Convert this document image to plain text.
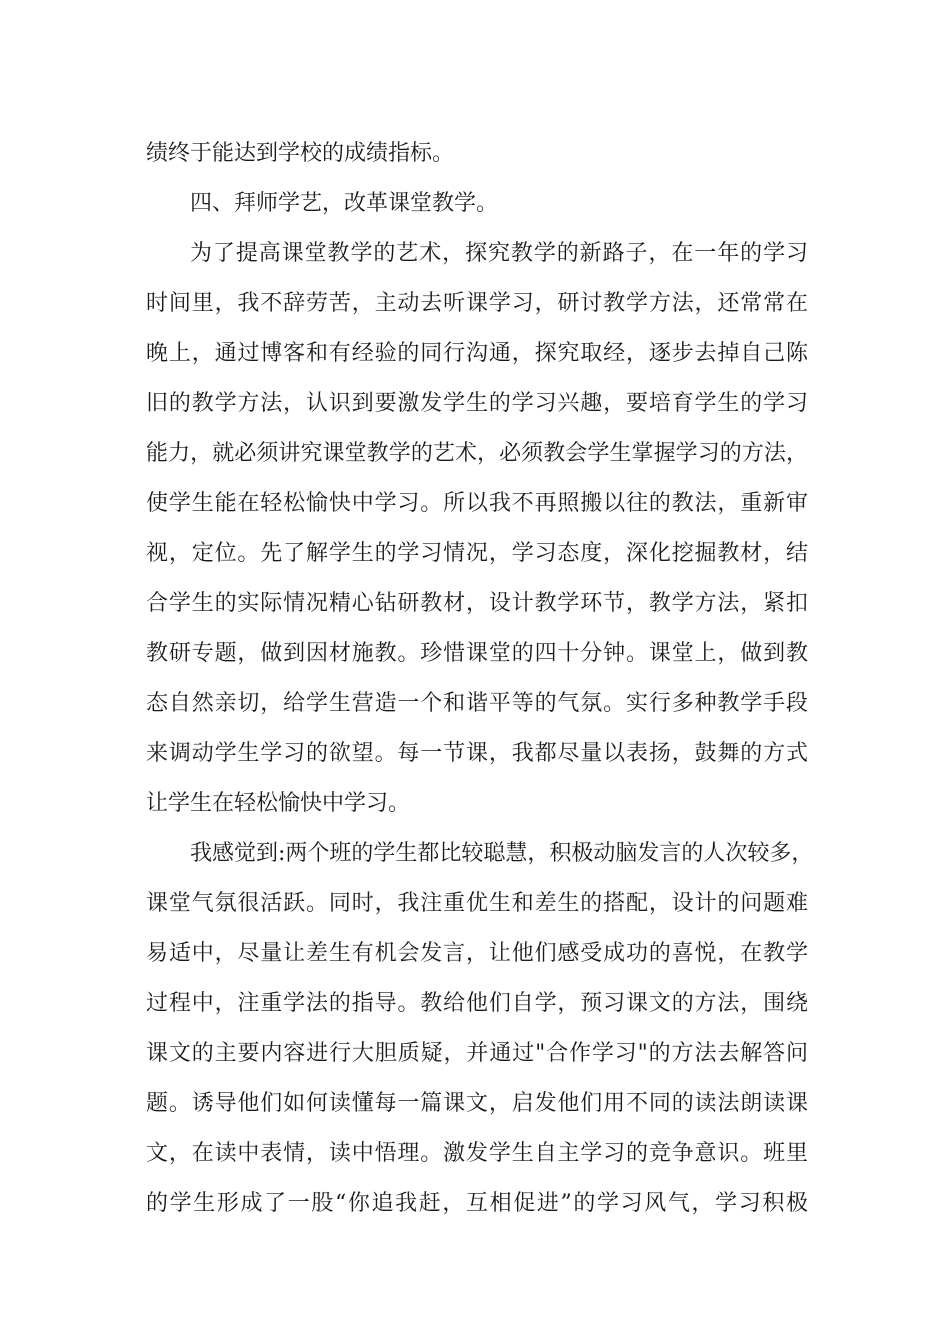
绩终于能达到学校的成绩指标。
四、拜师学艺，改革课堂教学。
为了提高课堂教学的艺术，探究教学的新路子，在一年的学习
时间里，我不辞劳苦，主动去听课学习，研讨教学方法，还常常在
晚上，通过博客和有经验的同行沟通，探究取经，逐步去掉自己陈
旧的教学方法，认识到要激发学生的学习兴趣，要培育学生的学习
能力，就必须讲究课堂教学的艺术，必须教会学生掌握学习的方法，
使学生能在轻松愉快中学习。所以我不再照搬以往的教法，重新审
视，定位。先了解学生的学习情况，学习态度，深化挖掘教材，结
合学生的实际情况精心钻研教材，设计教学环节，教学方法，紧扣
教研专题，做到因材施教。珍惜课堂的四十分钟。课堂上，做到教
态自然亲切，给学生营造一个和谐平等的气氛。实行多种教学手段
来调动学生学习的欲望。每一节课，我都尽量以表扬，鼓舞的方式
让学生在轻松愉快中学习。
我感觉到:两个班的学生都比较聪慧，积极动脑发言的人次较多，
课堂气氛很活跃。同时，我注重优生和差生的搭配，设计的问题难
易适中，尽量让差生有机会发言，让他们感受成功的喜悦，在教学
过程中，注重学法的指导。教给他们自学，预习课文的方法，围绕
课文的主要内容进行大胆质疑，并通过"合作学习"的方法去解答问
题。诱导他们如何读懂每一篇课文，启发他们用不同的读法朗读课
文，在读中表情，读中悟理。激发学生自主学习的竞争意识。班里
的学生形成了一股“你追我赶，互相促进”的学习风气，学习积极
